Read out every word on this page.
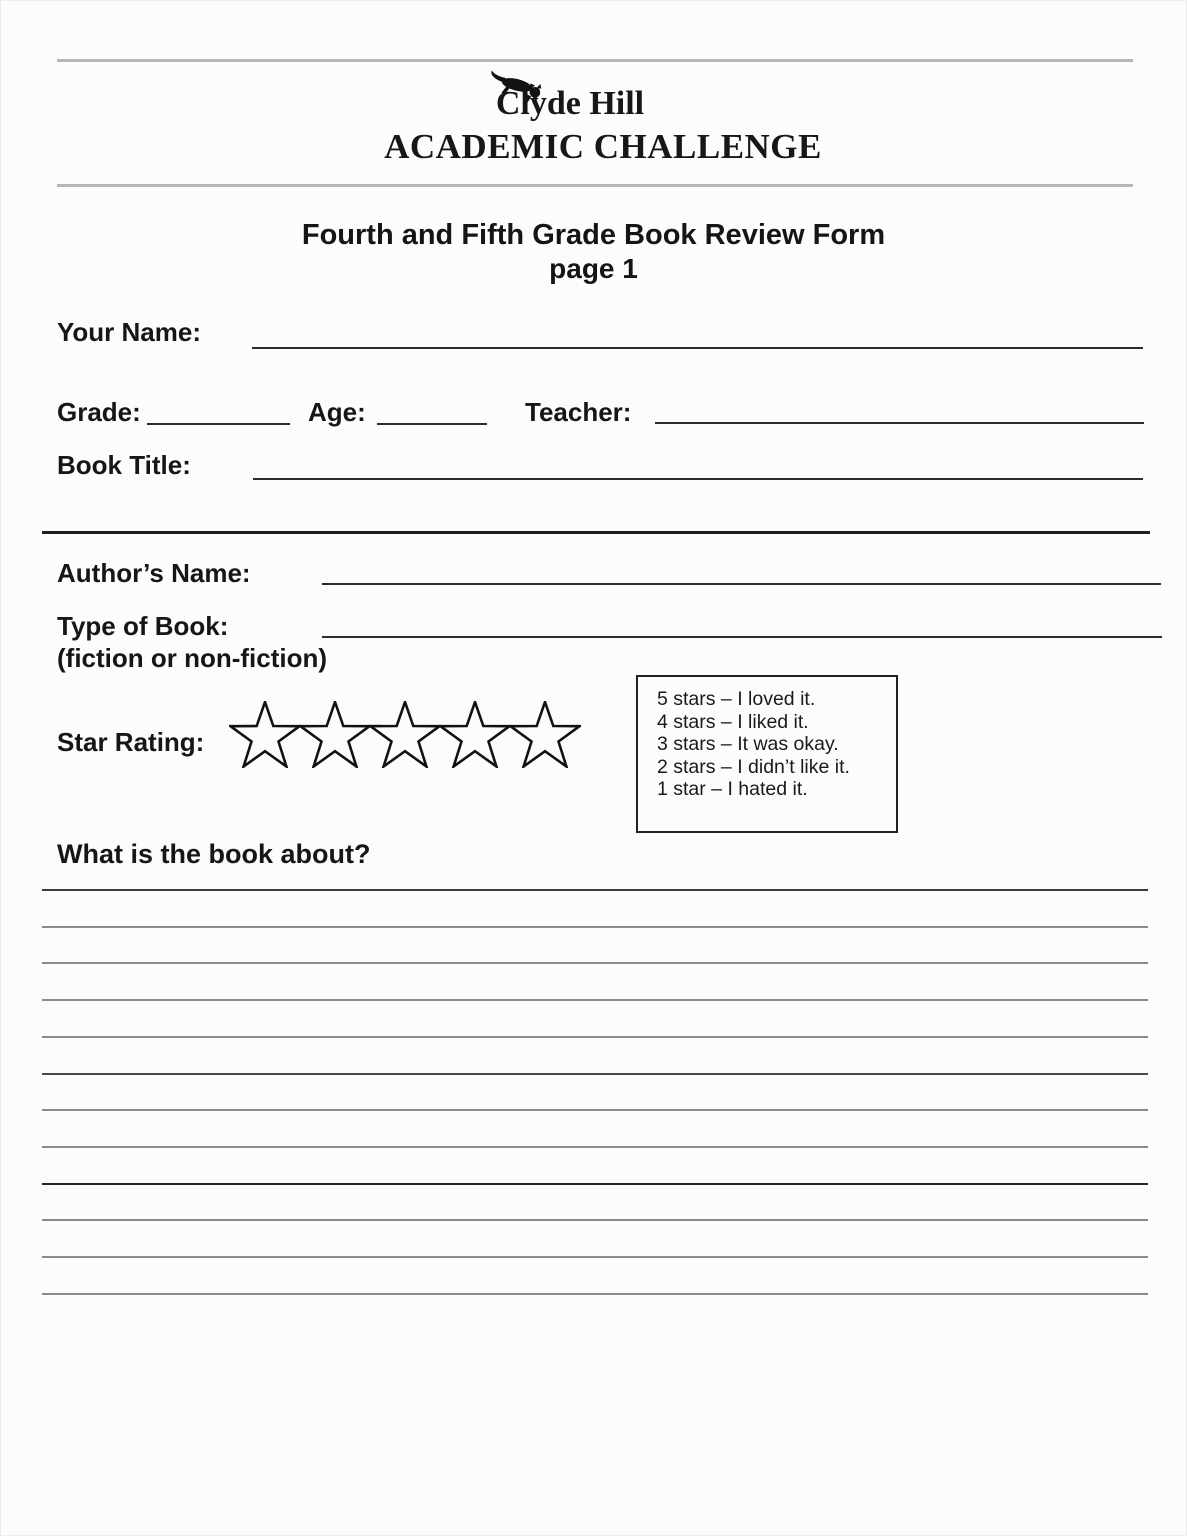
Clyde Hill
ACADEMIC CHALLENGE
Fourth and Fifth Grade Book Review Form
page 1
Your Name:
Grade:	Age:	Teacher:
Book Title:
Author’s Name:
Type of Book:
(fiction or non-fiction)
Star Rating:
5 stars – I loved it.
4 stars – I liked it.
3 stars – It was okay.
2 stars – I didn’t like it.
1 star – I hated it.
What is the book about?
